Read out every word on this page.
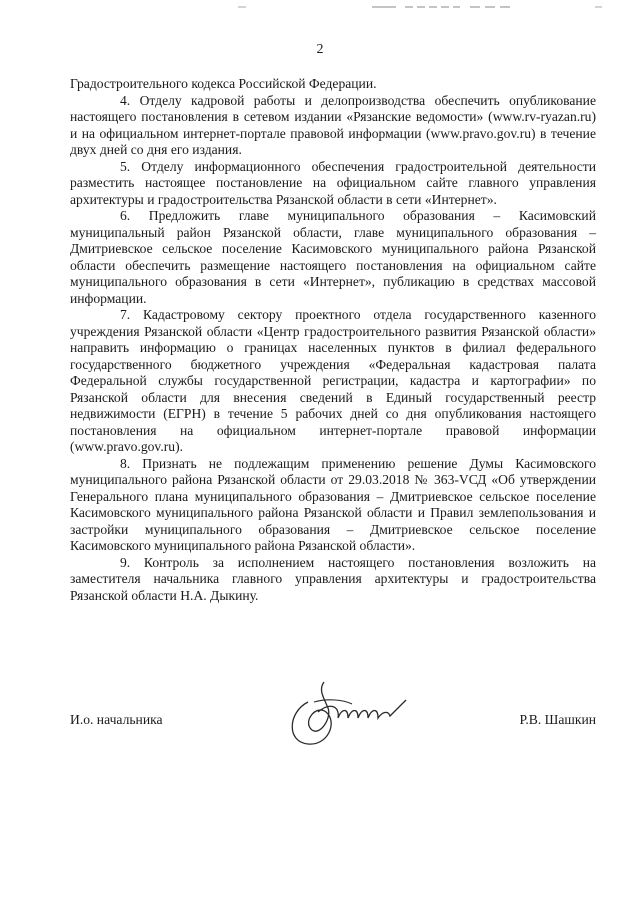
2

Градостроительного кодекса Российской Федерации.

4. Отделу кадровой работы и делопроизводства обеспечить опубликование настоящего постановления в сетевом издании «Рязанские ведомости» (www.rv-ryazan.ru) и на официальном интернет-портале правовой информации (www.pravo.gov.ru) в течение двух дней со дня его издания.

5. Отделу информационного обеспечения градостроительной деятельности разместить настоящее постановление на официальном сайте главного управления архитектуры и градостроительства Рязанской области в сети «Интернет».

6. Предложить главе муниципального образования – Касимовский муниципальный район Рязанской области, главе муниципального образования – Дмитриевское сельское поселение Касимовского муниципального района Рязанской области обеспечить размещение настоящего постановления на официальном сайте муниципального образования в сети «Интернет», публикацию в средствах массовой информации.

7. Кадастровому сектору проектного отдела государственного казенного учреждения Рязанской области «Центр градостроительного развития Рязанской области» направить информацию о границах населенных пунктов в филиал федерального государственного бюджетного учреждения «Федеральная кадастровая палата Федеральной службы государственной регистрации, кадастра и картографии» по Рязанской области для внесения сведений в Единый государственный реестр недвижимости (ЕГРН) в течение 5 рабочих дней со дня опубликования настоящего постановления на официальном интернет-портале правовой информации (www.pravo.gov.ru).

8. Признать не подлежащим применению решение Думы Касимовского муниципального района Рязанской области от 29.03.2018 № 363-VСД «Об утверждении Генерального плана муниципального образования – Дмитриевское сельское поселение Касимовского муниципального района Рязанской области и Правил землепользования и застройки муниципального образования – Дмитриевское сельское поселение Касимовского муниципального района Рязанской области».

9. Контроль за исполнением настоящего постановления возложить на заместителя начальника главного управления архитектуры и градостроительства Рязанской области Н.А. Дыкину.

И.о. начальника	Р.В. Шашкин
